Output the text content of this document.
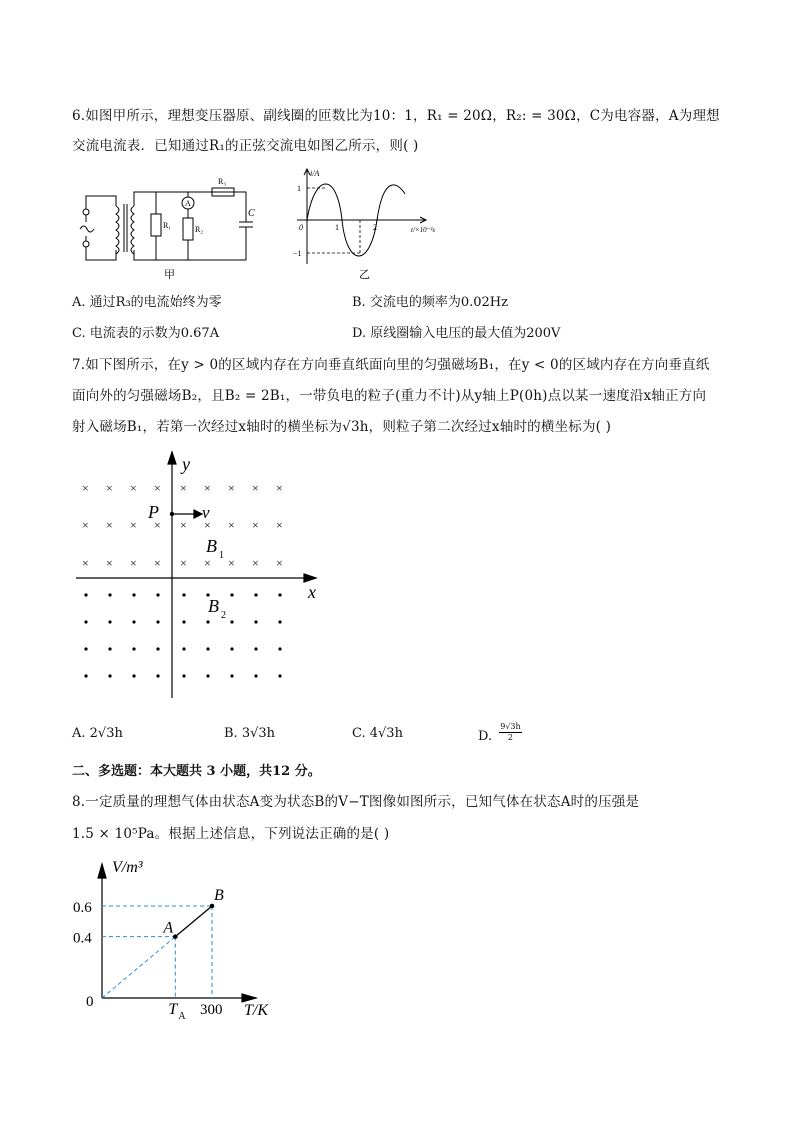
6.如图甲所示，理想变压器原、副线圈的匝数比为10：1，R₁ = 20Ω，R₂: = 30Ω，C为电容器，A为理想
交流电流表．已知通过R₁的正弦交流电如图乙所示，则( )
R₁	R₂
R₃
C
A
甲
i/A
1
−1
0	1	2	t/×10⁻²s
乙
A. 通过R₃的电流始终为零	B. 交流电的频率为0.02Hz
C. 电流表的示数为0.67A	D. 原线圈输入电压的最大值为200V
7.如下图所示，在y > 0的区域内存在方向垂直纸面向里的匀强磁场B₁，在y < 0的区域内存在方向垂直纸
面向外的匀强磁场B₂，且B₂ = 2B₁，一带负电的粒子(重力不计)从y轴上P(0h)点以某一速度沿x轴正方向
射入磁场B₁，若第一次经过x轴时的横坐标为√3h，则粒子第二次经过x轴时的横坐标为( )
× × × × × × × × ×
× × × × × × × × ×
× × × × × × × × ×
y
x
P	v
B 1
B 2
A. 2√3h	B. 3√3h	C. 4√3h	D. $\frac{9√3h}{2}$
二、多选题：本大题共 3 小题，共12 分。
8.一定质量的理想气体由状态A变为状态B的V−T图像如图所示，已知气体在状态A时的压强是
1.5 × 10⁵Pa。根据上述信息，下列说法正确的是( )
A
B
0.6
0.4
T A 300
V/m³
T/K
0
